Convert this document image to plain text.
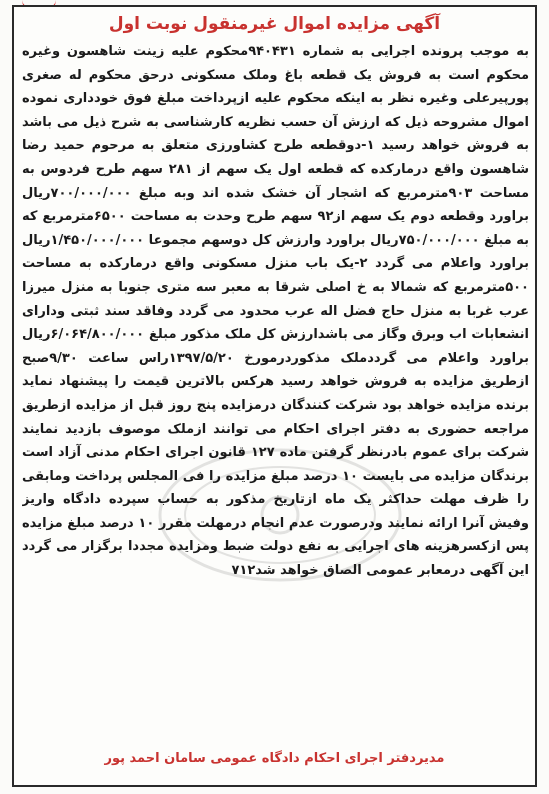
آگهی مزایده اموال غیرمنقول نوبت اول
به موجب پرونده اجرایی به شماره ۹۴۰۴۳۱محکوم علیه زینت شاهسون وغیره محکوم است به فروش یک قطعه باغ وملک مسکونی درحق محکوم له صغری پورپیرعلی وغیره نظر به اینکه محکوم علیه ازپرداخت مبلغ فوق خودداری نموده اموال مشروحه ذیل که ارزش آن حسب نظریه کارشناسی به شرح ذیل می باشد به فروش خواهد رسید ۱-دوقطعه طرح کشاورزی متعلق به مرحوم حمید رضا شاهسون واقع درمارکده که قطعه اول یک سهم از ۲۸۱ سهم طرح فردوس به مساحت ۹۰۳مترمربع که اشجار آن خشک شده اند وبه مبلغ ۷۰۰/۰۰۰/۰۰۰ریال براورد وقطعه دوم یک سهم از۹۲ سهم طرح وحدت به مساحت ۶۵۰۰مترمربع که به مبلغ ۷۵۰/۰۰۰/۰۰۰ریال براورد وارزش کل دوسهم مجموعا ۱/۴۵۰/۰۰۰/۰۰۰ریال براورد واعلام می گردد ۲-یک باب منزل مسکونی واقع درمارکده به مساحت ۵۰۰مترمربع که شمالا به خ اصلی شرقا به معبر سه متری جنوبا به منزل میرزا عرب غربا به منزل حاج فضل اله عرب محدود می گردد وفاقد سند ثبتی ودارای انشعابات اب وبرق وگاز می باشدارزش کل ملک مذکور مبلغ ۶/۰۶۴/۸۰۰/۰۰۰ریال براورد واعلام می گرددملک مذکوردرمورخ ۱۳۹۷/۵/۲۰راس ساعت ۹/۳۰صبح ازطریق مزایده به فروش خواهد رسید هرکس بالاترین قیمت را پیشنهاد نماید برنده مزایده خواهد بود شرکت کنندگان درمزایده پنج روز قبل از مزایده ازطریق مراجعه حضوری به دفتر اجرای احکام می توانند ازملک موصوف بازدید نمایند شرکت برای عموم بادرنظر گرفتن ماده ۱۲۷ قانون اجرای احکام مدنی آزاد است برندگان مزایده می بایست ۱۰ درصد مبلغ مزایده را فی المجلس پرداخت ومابقی را ظرف مهلت حداکثر یک ماه ازتاریخ مذکور به حساب سپرده دادگاه واریز وفیش آنرا ارائه نمایند ودرصورت عدم انجام درمهلت مقرر ۱۰ درصد مبلغ مزایده پس ازکسرهزینه های اجرایی به نفع دولت ضبط ومزایده مجددا برگزار می گردد این آگهی درمعابر عمومی الصاق خواهد شد۷۱۲
مدیردفتر اجرای احکام دادگاه عمومی سامان احمد پور
